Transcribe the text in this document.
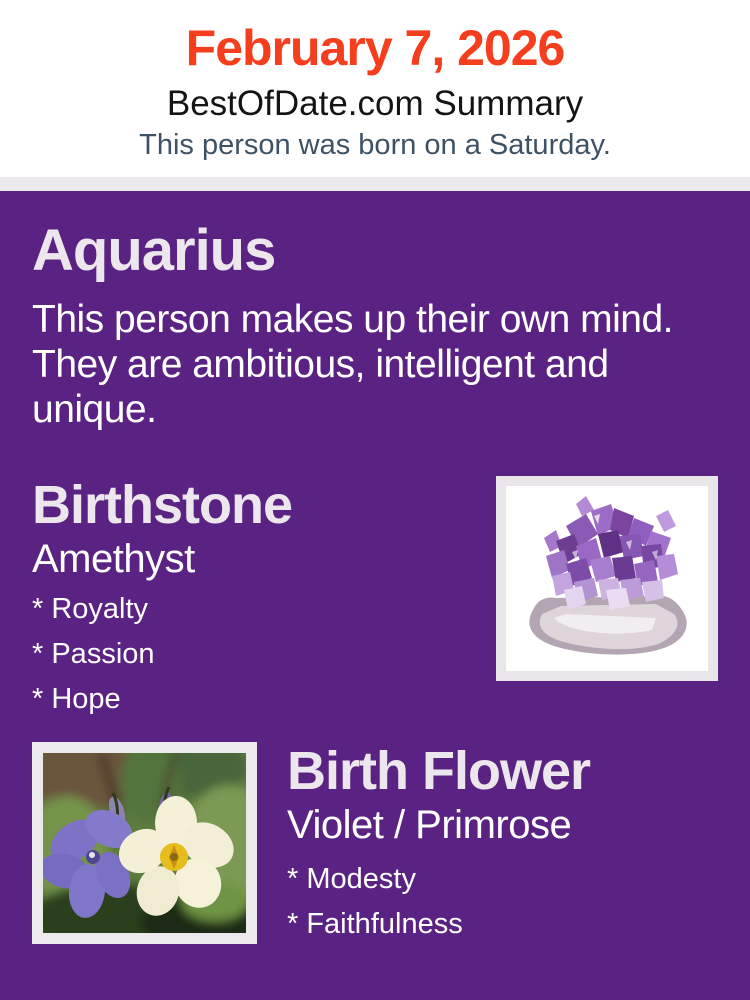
February 7, 2026
BestOfDate.com Summary
This person was born on a Saturday.
Aquarius

This person makes up their own mind. They are ambitious, intelligent and unique.

Birthstone
Amethyst
* Royalty
* Passion
* Hope
Birth Flower
Violet / Primrose
* Modesty
* Faithfulness
